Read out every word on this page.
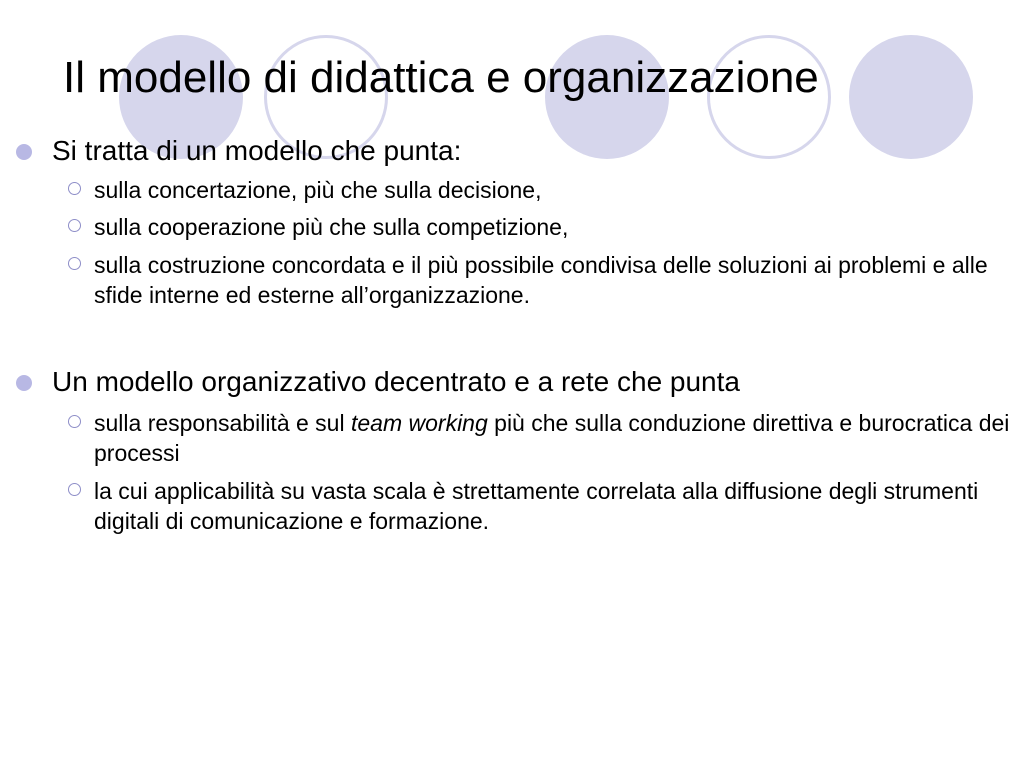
Il modello di didattica e organizzazione
Si tratta di un modello che punta:
sulla concertazione, più che sulla decisione,
sulla cooperazione più che sulla competizione,
sulla costruzione concordata e il più possibile condivisa delle soluzioni ai problemi e alle sfide interne ed esterne all’organizzazione.
Un modello organizzativo decentrato e a rete che punta
sulla responsabilità e sul team working più che sulla conduzione direttiva e burocratica dei processi
la cui applicabilità su vasta scala è strettamente correlata alla diffusione degli strumenti digitali di comunicazione e formazione.
